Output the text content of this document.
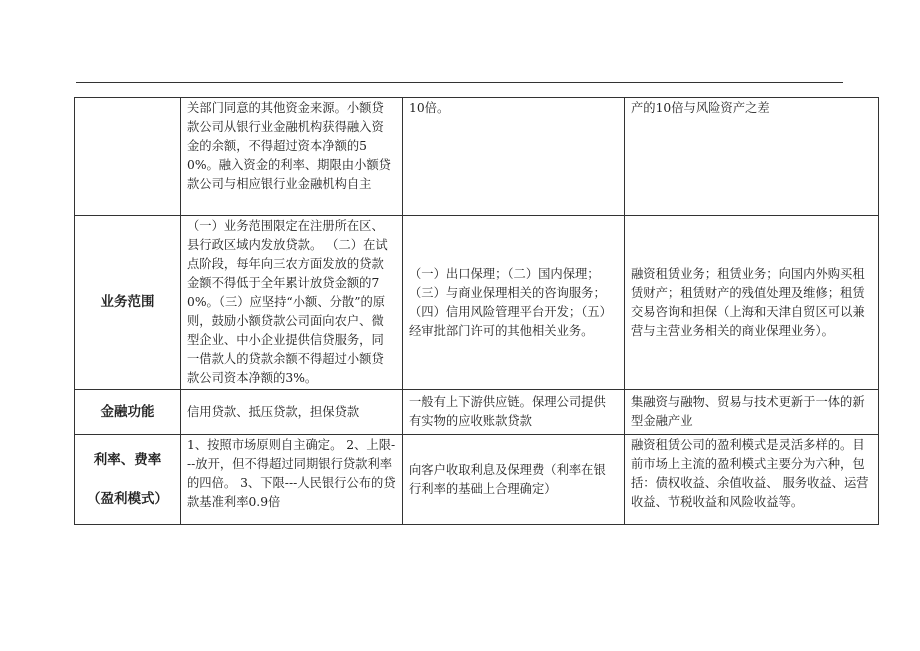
	关部门同意的其他资金来源。小额贷款公司从银行业金融机构获得融入资金的余额，不得超过资本净额的50%。融入资金的利率、期限由小额贷款公司与相应银行业金融机构自主	10倍。	产的10倍与风险资产之差
业务范围	（一）业务范围限定在注册所在区、县行政区域内发放贷款。 （二）在试点阶段，每年向三农方面发放的贷款金额不得低于全年累计放贷金额的70%。（三）应坚持“小额、分散”的原则，鼓励小额贷款公司面向农户、微型企业、中小企业提供信贷服务，同一借款人的贷款余额不得超过小额贷款公司资本净额的3%。	（一）出口保理；（二）国内保理；（三）与商业保理相关的咨询服务；（四）信用风险管理平台开发；（五）经审批部门许可的其他相关业务。	融资租赁业务；租赁业务；向国内外购买租赁财产；租赁财产的残值处理及维修；租赁交易咨询和担保（上海和天津自贸区可以兼营与主营业务相关的商业保理业务）。
金融功能	信用贷款、抵压贷款，担保贷款	一般有上下游供应链。保理公司提供有实物的应收账款贷款	集融资与融物、贸易与技术更新于一体的新型金融产业

利率、费率
（盈利模式）	1、按照市场原则自主确定。 2、上限---放开，但不得超过同期银行贷款利率的四倍。 3、下限---人民银行公布的贷款基准利率0.9倍	向客户收取利息及保理费（利率在银行利率的基础上合理确定）	融资租赁公司的盈利模式是灵活多样的。目前市场上主流的盈利模式主要分为六种，包括：债权收益、余值收益、 服务收益、运营收益、节税收益和风险收益等。
